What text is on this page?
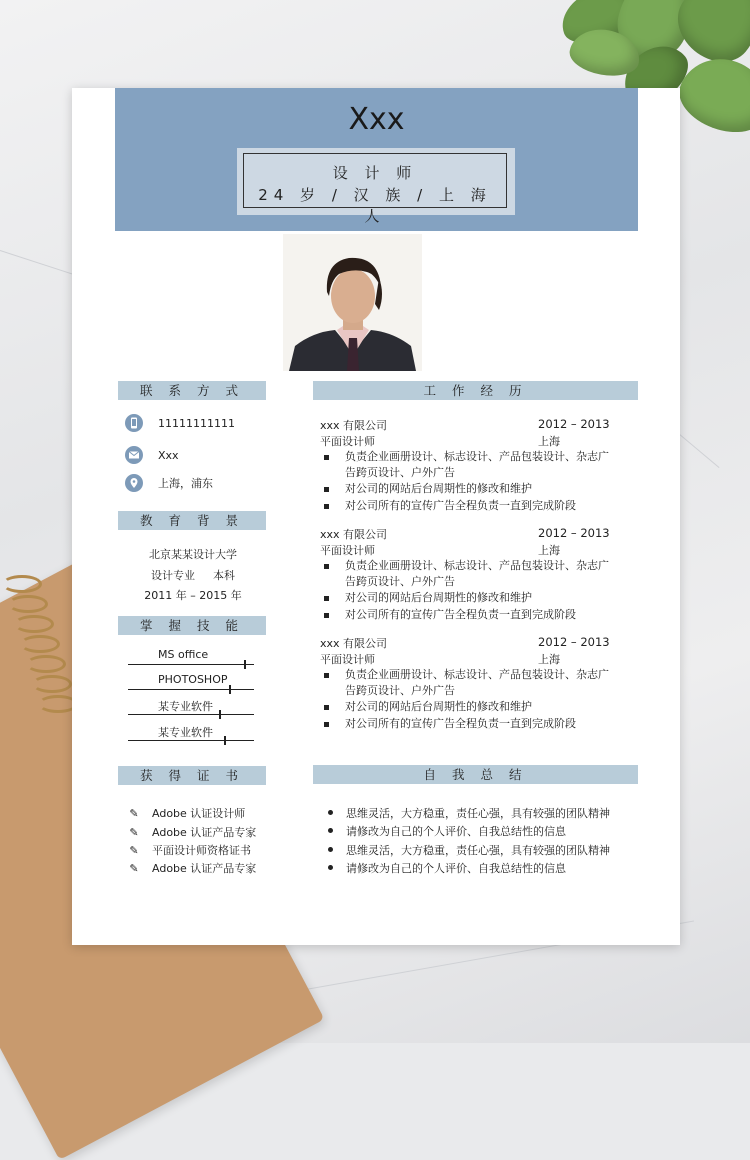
Xxx
设 计 师
24 岁 / 汉 族 / 上 海 人
联 系 方 式
11111111111
Xxx
上海，浦东
教 育 背 景
北京某某设计大学
设计专业 本科
2011 年 – 2015 年
掌 握 技 能
MS office
PHOTOSHOP
某专业软件
某专业软件
获 得 证 书
✎ Adobe 认证设计师
✎ Adobe 认证产品专家
✎ 平面设计师资格证书
✎ Adobe 认证产品专家
工 作 经 历
xxx 有限公司	2012 – 2013
平面设计师	上海
负责企业画册设计、标志设计、产品包装设计、杂志广告跨页设计、户外广告
对公司的网站后台周期性的修改和维护
对公司所有的宣传广告全程负责一直到完成阶段
xxx 有限公司	2012 – 2013
平面设计师	上海
负责企业画册设计、标志设计、产品包装设计、杂志广告跨页设计、户外广告
对公司的网站后台周期性的修改和维护
对公司所有的宣传广告全程负责一直到完成阶段
xxx 有限公司	2012 – 2013
平面设计师	上海
负责企业画册设计、标志设计、产品包装设计、杂志广告跨页设计、户外广告
对公司的网站后台周期性的修改和维护
对公司所有的宣传广告全程负责一直到完成阶段
自 我 总 结
思维灵活，大方稳重，责任心强，具有较强的团队精神
请修改为自己的个人评价、自我总结性的信息
思维灵活，大方稳重，责任心强，具有较强的团队精神
请修改为自己的个人评价、自我总结性的信息
